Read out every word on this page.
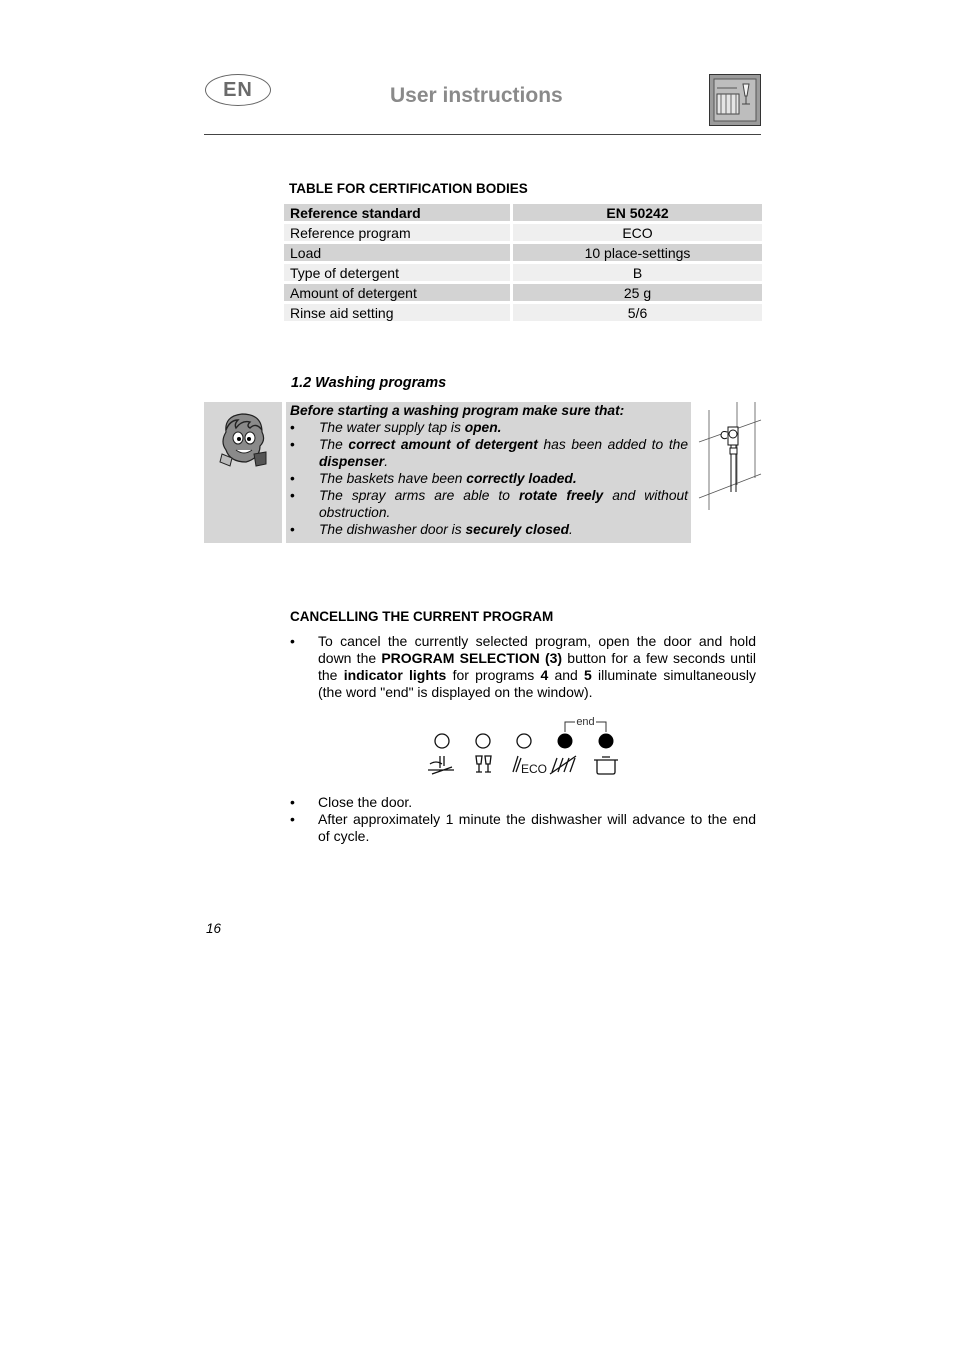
EN	User instructions
TABLE FOR CERTIFICATION BODIES
Reference standard		EN 50242
Reference program		ECO
Load		10 place-settings
Type of detergent		B
Amount of detergent		25 g
Rinse aid setting		5/6
1.2 Washing programs
Before starting a washing program make sure that:
• The water supply tap is open.
• The correct amount of detergent has been added to the dispenser.
• The baskets have been correctly loaded.
• The spray arms are able to rotate freely and without obstruction.
• The dishwasher door is securely closed.
CANCELLING THE CURRENT PROGRAM
• To cancel the currently selected program, open the door and hold down the PROGRAM SELECTION (3) button for a few seconds until the indicator lights for programs 4 and 5 illuminate simultaneously (the word "end" is displayed on the window).
end
ECO
• Close the door.
• After approximately 1 minute the dishwasher will advance to the end of cycle.
16
